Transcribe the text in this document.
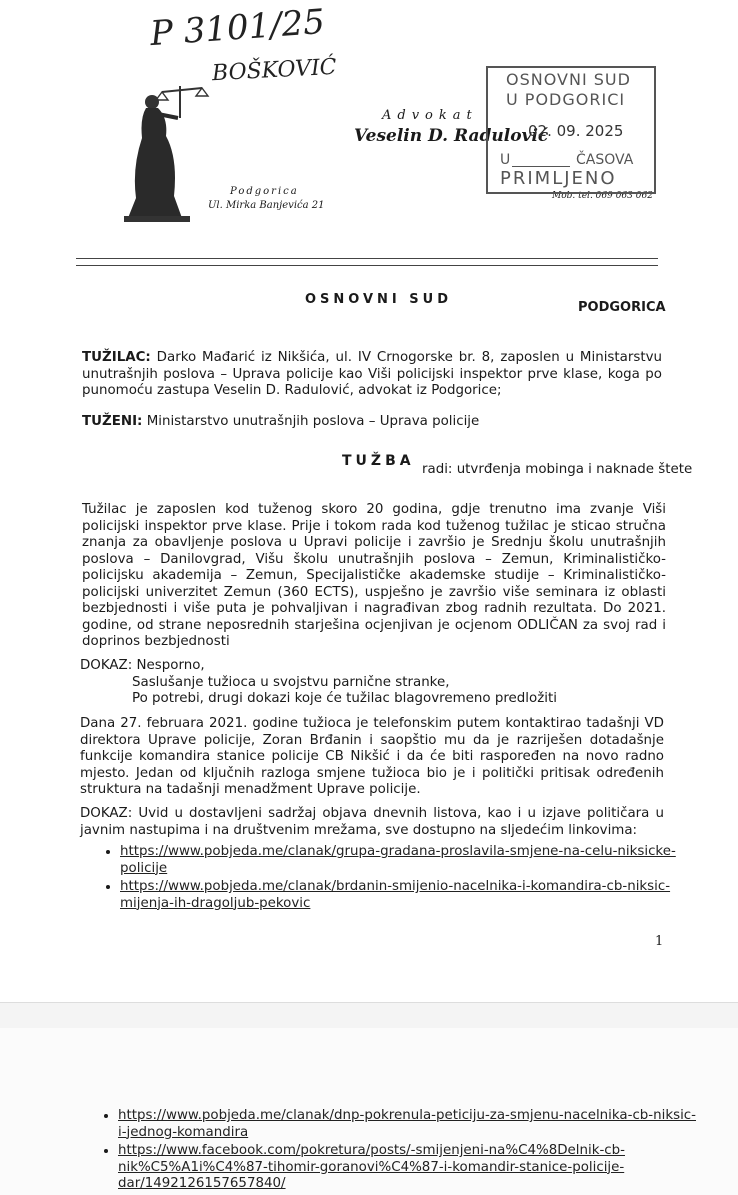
P 3101/25
BOŠKOVIĆ
Advokat
Veselin D. Radulović
Podgorica
Ul. Mirka Banjevića 21
Mob. tel. 069 063 062
OSNOVNI SUD
U PODGORICI
02. 09. 2025
U	ČASOVA
PRIMLJENO
OSNOVNI SUD
PODGORICA
TUŽILAC: Darko Mađarić iz Nikšića, ul. IV Crnogorske br. 8, zaposlen u Ministarstvu unutrašnjih poslova – Uprava policije kao Viši policijski inspektor prve klase, koga po punomoću zastupa Veselin D. Radulović, advokat iz Podgorice;
TUŽENI: Ministarstvo unutrašnjih poslova – Uprava policije
TUŽBA
radi: utvrđenja mobinga i naknade štete
Tužilac je zaposlen kod tuženog skoro 20 godina, gdje trenutno ima zvanje Viši policijski inspektor prve klase. Prije i tokom rada kod tuženog tužilac je sticao stručna znanja za obavljenje poslova u Upravi policije i završio je Srednju školu unutrašnjih poslova – Danilovgrad, Višu školu unutrašnjih poslova – Zemun, Kriminalističko-policijsku akademija – Zemun, Specijalističke akademske studije – Kriminalističko-policijski univerzitet Zemun (360 ECTS), uspješno je završio više seminara iz oblasti bezbjednosti i više puta je pohvaljivan i nagrađivan zbog radnih rezultata. Do 2021. godine, od strane neposrednih starješina ocjenjivan je ocjenom ODLIČAN za svoj rad i doprinos bezbjednosti
DOKAZ: Nesporno,
Saslušanje tužioca u svojstvu parnične stranke,
Po potrebi, drugi dokazi koje će tužilac blagovremeno predložiti
Dana 27. februara 2021. godine tužioca je telefonskim putem kontaktirao tadašnji VD direktora Uprave policije, Zoran Brđanin i saopštio mu da je razriješen dotadašnje funkcije komandira stanice policije CB Nikšić i da će biti raspoređen na novo radno mjesto. Jedan od ključnih razloga smjene tužioca bio je i politički pritisak određenih struktura na tadašnji menadžment Uprave policije.
DOKAZ: Uvid u dostavljeni sadržaj objava dnevnih listova, kao i u izjave političara u javnim nastupima i na društvenim mrežama, sve dostupno na sljedećim linkovima:
• https://www.pobjeda.me/clanak/grupa-gradana-proslavila-smjene-na-celu-niksicke-policije
• https://www.pobjeda.me/clanak/brdanin-smijenio-nacelnika-i-komandira-cb-niksic-mijenja-ih-dragoljub-pekovic
1
• https://www.pobjeda.me/clanak/dnp-pokrenula-peticiju-za-smjenu-nacelnika-cb-niksic-i-jednog-komandira
• https://www.facebook.com/pokretura/posts/-smijenjeni-na%C4%8Delnik-cb-nik%C5%A1i%C4%87-tihomir-goranovi%C4%87-i-komandir-stanice-policije-dar/1492126157657840/
